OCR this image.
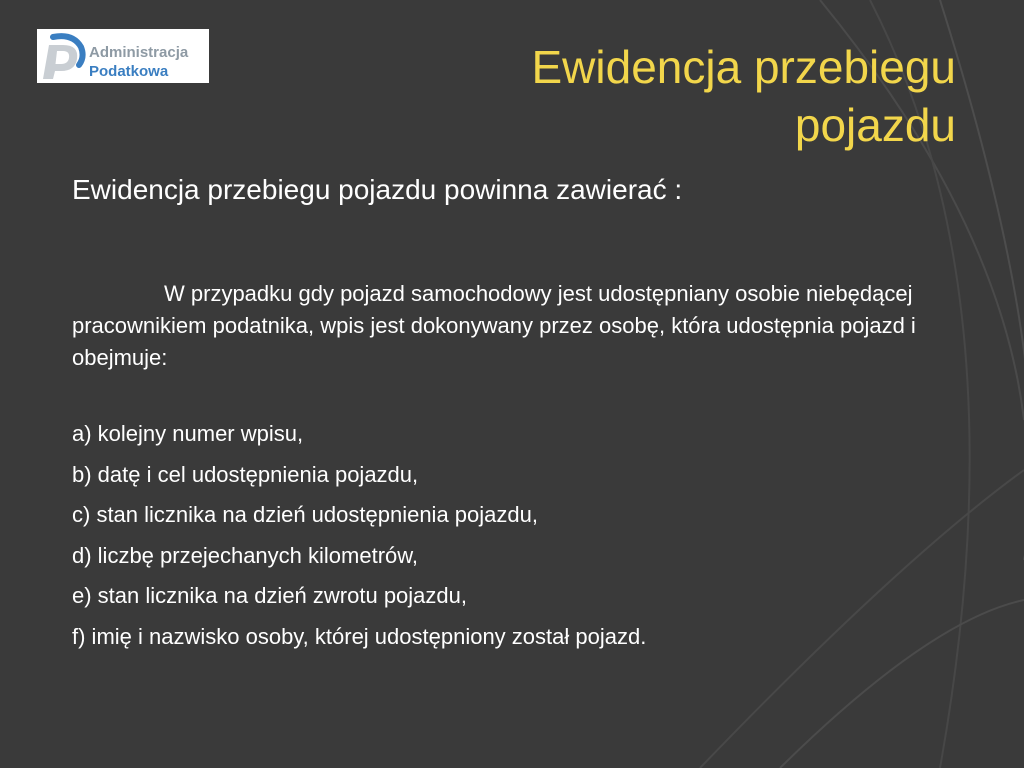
Administracja
Podatkowa	Ewidencja przebiegu
pojazdu

Ewidencja przebiegu pojazdu powinna zawierać :

W przypadku gdy pojazd samochodowy jest udostępniany osobie niebędącej pracownikiem podatnika, wpis jest dokonywany przez osobę, która udostępnia pojazd i obejmuje:

a) kolejny numer wpisu,
b) datę i cel udostępnienia pojazdu,
c) stan licznika na dzień udostępnienia pojazdu,
d) liczbę przejechanych kilometrów,
e) stan licznika na dzień zwrotu pojazdu,
f) imię i nazwisko osoby, której udostępniony został pojazd.
